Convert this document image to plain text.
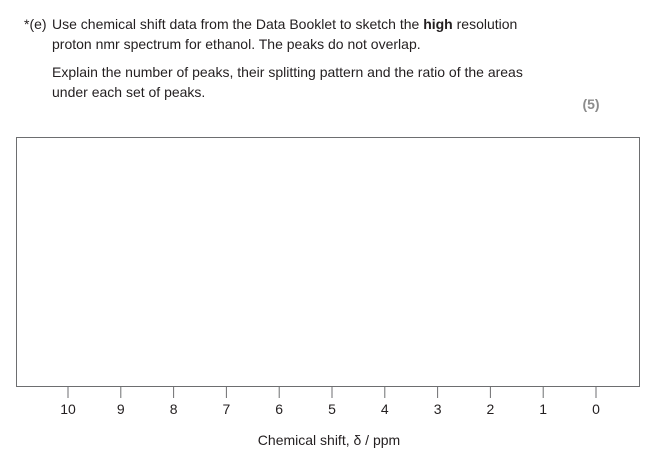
*(e) Use chemical shift data from the Data Booklet to sketch the high resolution
proton nmr spectrum for ethanol. The peaks do not overlap.
Explain the number of peaks, their splitting pattern and the ratio of the areas
under each set of peaks.
(5)
10	9	8	7	6	5	4	3	2	1	0
Chemical shift, δ / ppm
